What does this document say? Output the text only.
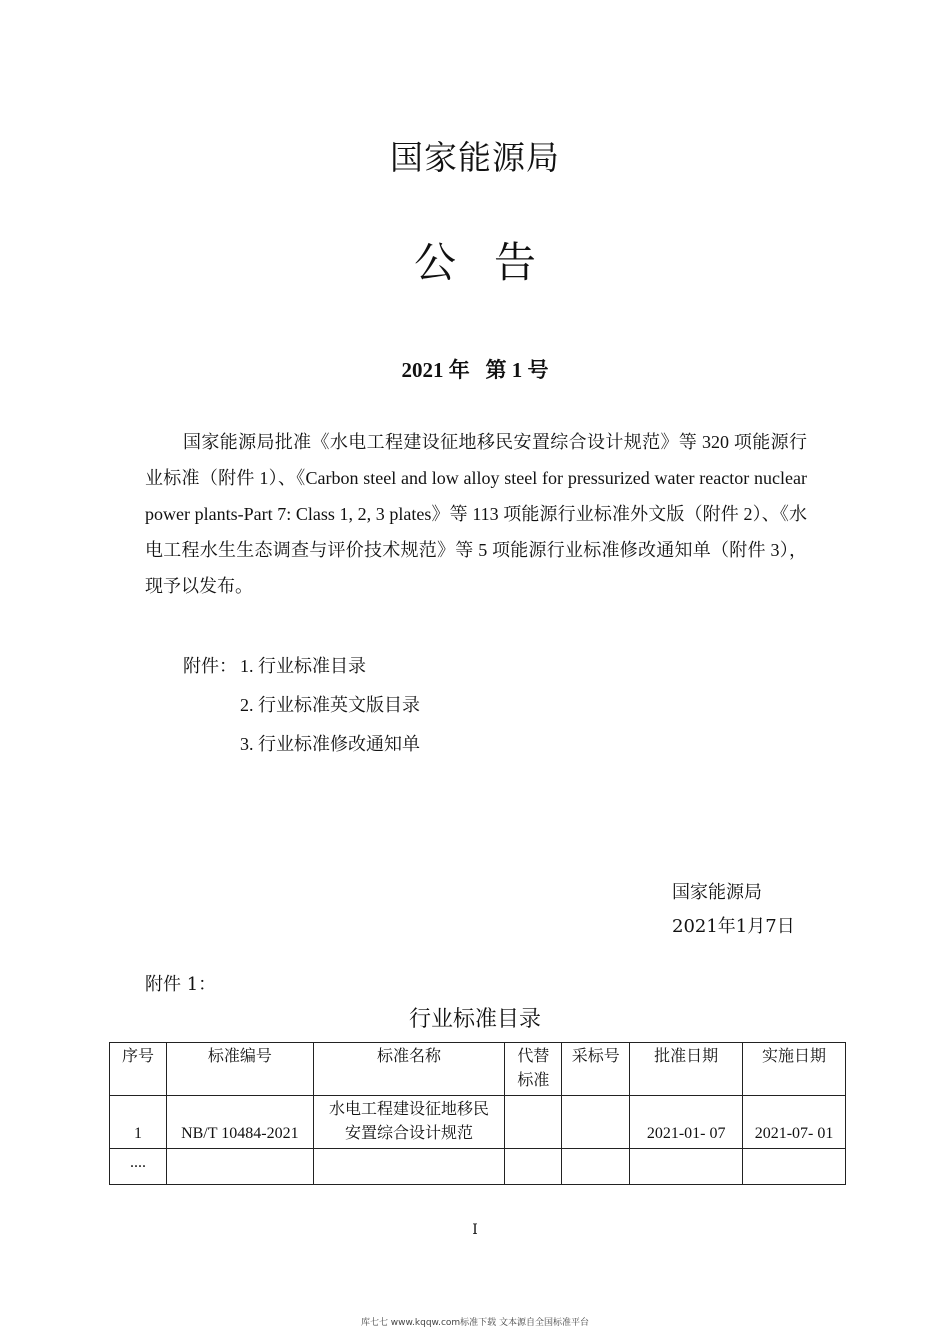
国家能源局
公告
2021 年   第 1 号
国家能源局批准《水电工程建设征地移民安置综合设计规范》等 320 项能源行业标准（附件 1）、《Carbon steel and low alloy steel for pressurized water reactor nuclear power plants-Part 7: Class 1, 2, 3 plates》等 113 项能源行业标准外文版（附件 2）、《水电工程水生生态调查与评价技术规范》等 5 项能源行业标准修改通知单（附件 3），现予以发布。
附件： 1. 行业标准目录
2. 行业标准英文版目录
3. 行业标准修改通知单
国家能源局
2021年1月7日
附件 1：
行业标准目录
序号	标准编号	标准名称	代替标准	采标号	批准日期	实施日期
1	NB/T 10484-2021	水电工程建设征地移民安置综合设计规范			2021-01- 07	2021-07- 01
....						
I
库七七 www.kqqw.com标准下载 文本源自全国标准平台
